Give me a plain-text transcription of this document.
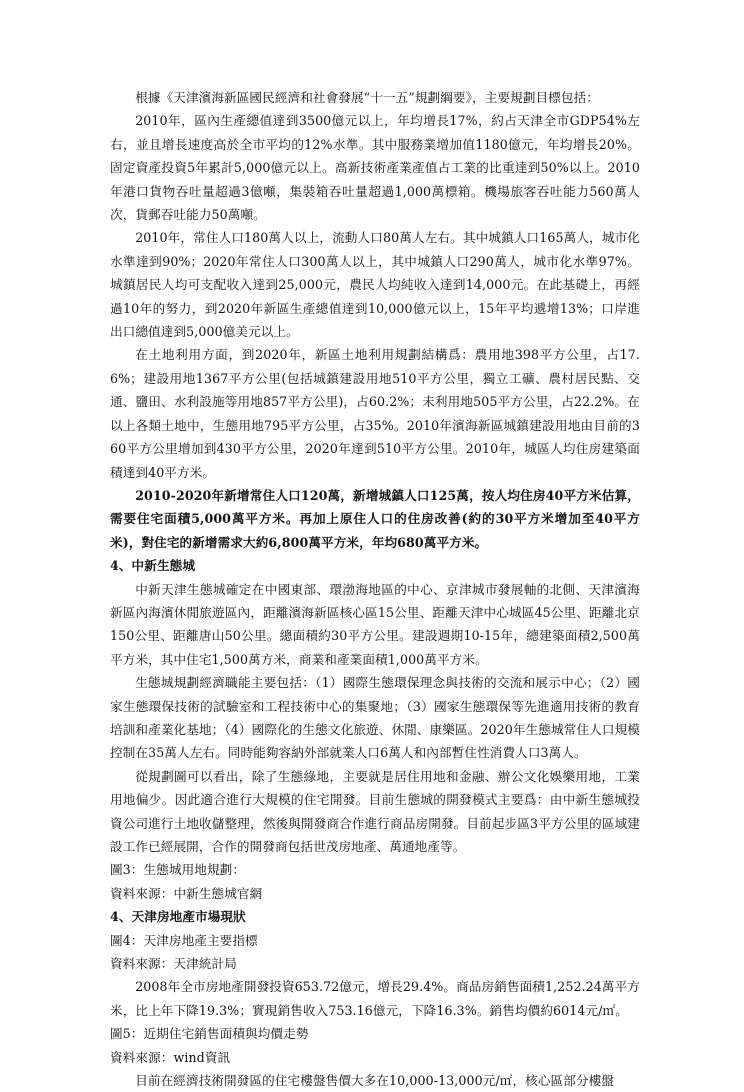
根據《天津濱海新區國民經濟和社會發展“十一五”規劃綱要》，主要規劃目標包括：

2010年，區內生產總值達到3500億元以上，年均增長17%，約占天津全市GDP54%左右，並且增長速度高於全市平均的12%水準。其中服務業增加值1180億元，年均增長20%。固定資產投資5年累計5,000億元以上。高新技術產業產值占工業的比重達到50%以上。2010年港口貨物吞吐量超過3億噸，集裝箱吞吐量超過1,000萬標箱。機場旅客吞吐能力560萬人次，貨郵吞吐能力50萬噸。

2010年，常住人口180萬人以上，流動人口80萬人左右。其中城鎮人口165萬人，城市化水準達到90%；2020年常住人口300萬人以上，其中城鎮人口290萬人，城市化水準97%。城鎮居民人均可支配收入達到25,000元，農民人均純收入達到14,000元。在此基礎上，再經過10年的努力，到2020年新區生產總值達到10,000億元以上，15年平均遞增13%；口岸進出口總值達到5,000億美元以上。

在土地利用方面，到2020年，新區土地利用規劃結構爲：農用地398平方公里，占17.6%；建設用地1367平方公里(包括城鎮建設用地510平方公里，獨立工礦、農村居民點、交通、鹽田、水利設施等用地857平方公里)，占60.2%；未利用地505平方公里，占22.2%。在以上各類土地中，生態用地795平方公里，占35%。2010年濱海新區城鎮建設用地由目前的360平方公里增加到430平方公里，2020年達到510平方公里。2010年，城區人均住房建築面積達到40平方米。

2010-2020年新增常住人口120萬，新增城鎮人口125萬，按人均住房40平方米估算，需要住宅面積5,000萬平方米。再加上原住人口的住房改善(約的30平方米增加至40平方米)，對住宅的新增需求大約6,800萬平方米，年均680萬平方米。

4、中新生態城

中新天津生態城確定在中國東部、環渤海地區的中心、京津城市發展軸的北側、天津濱海新區內海濱休閒旅遊區內，距離濱海新區核心區15公里、距離天津中心城區45公里、距離北京150公里、距離唐山50公里。總面積約30平方公里。建設週期10-15年，總建築面積2,500萬平方米，其中住宅1,500萬方米，商業和產業面積1,000萬平方米。

生態城規劃經濟職能主要包括：（1）國際生態環保理念與技術的交流和展示中心；（2）國家生態環保技術的試驗室和工程技術中心的集聚地；（3）國家生態環保等先進適用技術的教育培訓和產業化基地；（4）國際化的生態文化旅遊、休閒、康樂區。2020年生態城常住人口規模控制在35萬人左右。同時能夠容納外部就業人口6萬人和內部暫住性消費人口3萬人。

從規劃圖可以看出，除了生態綠地，主要就是居住用地和金融、辦公文化娛樂用地，工業用地偏少。因此適合進行大規模的住宅開發。目前生態城的開發模式主要爲：由中新生態城投資公司進行土地收儲整理，然後與開發商合作進行商品房開發。目前起步區3平方公里的區域建設工作已經展開，合作的開發商包括世茂房地產、萬通地產等。

圖3：生態城用地規劃：

資料來源：中新生態城官網

4、天津房地產市場現狀

圖4：天津房地產主要指標

資料來源：天津統計局

2008年全市房地產開發投資653.72億元，增長29.4%。商品房銷售面積1,252.24萬平方米，比上年下降19.3%；實現銷售收入753.16億元，下降16.3%。銷售均價約6014元/㎡。

圖5：近期住宅銷售面積與均價走勢

資料來源：wind資訊

目前在經濟技術開發區的住宅樓盤售價大多在10,000-13,000元/㎡，核心區部分樓盤
